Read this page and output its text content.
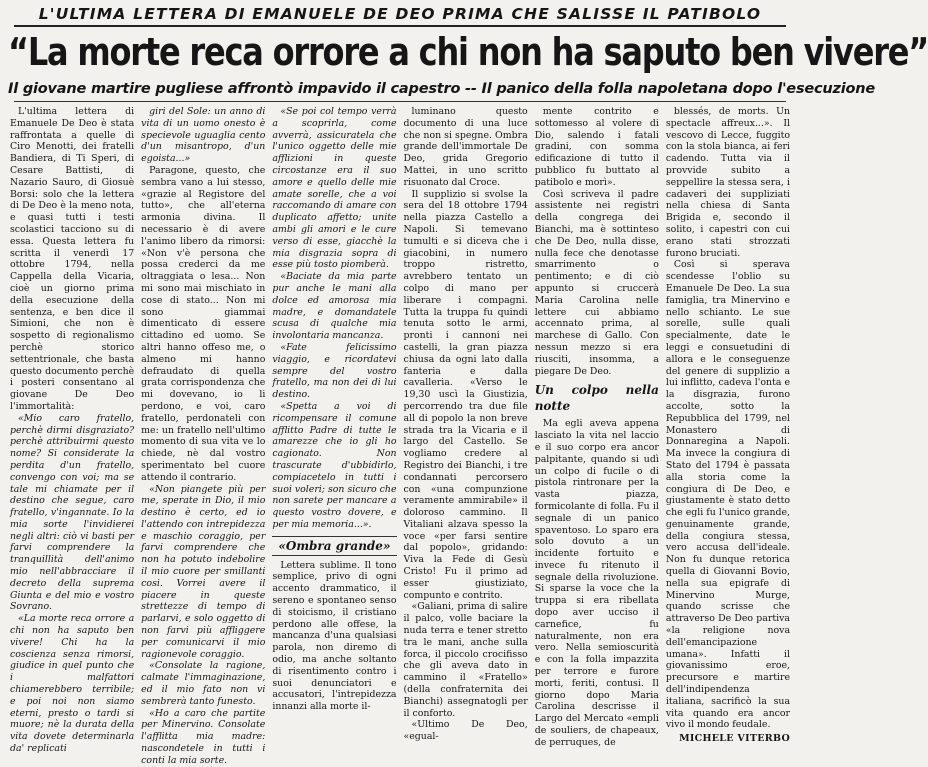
L'ULTIMA LETTERA DI EMANUELE DE DEO PRIMA CHE SALISSE IL PATIBOLO
“La morte reca orrore a chi non ha saputo ben vivere”
Il giovane martire pugliese affrontò impavido il capestro -- Il panico della folla napoletana dopo l'esecuzione

L'ultima lettera di Emanuele De Deo è stata raffrontata a quelle di Ciro Menotti, dei fratelli Bandiera, di Ti Speri, di Cesare Battisti, di Nazario Sauro, di Giosuè Borsi: solo che la lettera di De Deo è la meno nota, e quasi tutti i testi scolastici tacciono su di essa. Questa lettera fu scritta il venerdì 17 ottobre 1794, nella Cappella della Vicaria, cioè un giorno prima della esecuzione della sentenza, e ben dice il Simioni, che non è sospetto di regionalismo perchè storico settentrionale, che basta questo documento perchè i posteri consentano al giovane De Deo l'immortalità:

«Mio caro fratello, perchè dirmi disgraziato? perchè attribuirmi questo nome? Si considerate la perdita d'un fratello, convengo con voi; ma se tale mi chiamate per il destino che segue, caro fratello, v'ingannate. Io la mia sorte l'invidierei negli altri: ciò vi basti per farvi comprendere la tranquillità dell'animo mio nell'abbracciare il decreto della suprema Giunta e del mio e vostro Sovrano.

«La morte reca orrore a chi non ha saputo ben vivere! Chi ha la coscienza senza rimorsi, giudice in quel punto che i malfattori chiamerebbero terribile; e poi noi non siamo eterni, presto o tardi si muore; nè la durata della vita dovete determinarla da' replicati

giri del Sole: un anno di vita di un uomo onesto è specievole uguaglia cento d'un misantropo, d'un egoista...»

Paragone, questo, che sembra vano a lui stesso, «grazie al Registore del tutto», che all'eterna armonia divina. Il necessario è di avere l'animo libero da rimorsi: «Non v'è persona che possa crederci da me oltraggiata o lesa... Non mi sono mai mischiato in cose di stato... Non mi sono giammai dimenticato di essere cittadino ed uomo. Se altri hanno offeso me, o almeno mi hanno defraudato di quella grata corrispondenza che mi dovevano, io li perdono, e voi, caro fratello, perdonateli con me: un fratello nell'ultimo momento di sua vita ve lo chiede, nè dal vostro sperimentato bel cuore attendo il contrario.

«Non piangete più per me, sperate in Dio, il mio destino è certo, ed io l'attendo con intrepidezza e maschio coraggio, per farvi comprendere che non ha potuto indebolire il mio cuore per smillanti cosi. Vorrei avere il piacere in queste strettezze di tempo di parlarvi, e solo oggetto di non farvi più affliggere per comunicarvi il mio ragionevole coraggio.

«Consolate la ragione, calmate l'immaginazione, ed il mio fato non vi sembrerà tanto funesto.

«Ho a caro che partite per Minervino. Consolate l'afflitta mia madre: nascondetele in tutti i conti la mia sorte.

«Se poi col tempo verrà a scoprirla, come avverrà, assicuratela che l'unico oggetto delle mie afflizioni in queste circostanze era il suo amore e quello delle mie amate sorelle, che a voi raccomando di amare con duplicato affetto; unite ambi gli amori e le cure verso di esse, giacchè la mia disgrazia sopra di esse più tosto piomberà.

«Baciate da mia parte pur anche le mani alla dolce ed amorosa mia madre, e domandatele scusa di qualche mia involontaria mancanza.

«Fate felicissimo viaggio, e ricordatevi sempre del vostro fratello, ma non dei di lui destino.

«Spetta a voi di ricompensare il comune afflitto Padre di tutte le amarezze che io gli ho cagionato. Non trascurate d'ubbidirlo, compiacetelo in tutti i suoi voleri; son sicuro che non sarete per mancare a questo vostro dovere, e per mia memoria...».

«Ombra grande»

Lettera sublime. Il tono semplice, privo di ogni accento drammatico, il sereno e spontaneo senso di stoicismo, il cristiano perdono alle offese, la mancanza d'una qualsiasi parola, non diremo di odio, ma anche soltanto di risentimento contro i suoi denunciatori e accusatori, l'intrepidezza innanzi alla morte il-

luminano questo documento di una luce che non si spegne. Ombra grande dell'immortale De Deo, grida Gregorio Mattei, in uno scritto risuonato dal Croce.

Il supplizio si svolse la sera del 18 ottobre 1794 nella piazza Castello a Napoli. Si temevano tumulti e si diceva che i giacobini, in numero troppo ristretto, avrebbero tentato un colpo di mano per liberare i compagni. Tutta la truppa fu quindi tenuta sotto le armi, pronti i cannoni nei castelli, la gran piazza chiusa da ogni lato dalla fanteria e dalla cavalleria. «Verso le 19,30 uscì la Giustizia, percorrendo tra due file all di popolo la non breve strada tra la Vicaria e il largo del Castello. Se vogliamo credere al Registro dei Bianchi, i tre condannati percorsero con «una compunzione veramente ammirabile» il doloroso cammino. Il Vitaliani alzava spesso la voce «per farsi sentire dal popolo», gridando: Viva la Fede di Gesù Cristo! Fu il primo ad esser giustiziato, compunto e contrito.

«Galiani, prima di salire il palco, volle baciare la nuda terra e tener stretto tra le mani, anche sulla forca, il piccolo crocifisso che gli aveva dato in cammino il «Fratello» (della confraternita dei Bianchi) assegnatogli per il conforto.

«Ultimo De Deo, «egual-

mente contrito e sottomesso al volere di Dio, salendo i fatali gradini, con somma edificazione di tutto il pubblico fu buttato al patibolo e morì».

Così scriveva il padre assistente nei registri della congrega dei Bianchi, ma è sottinteso che De Deo, nulla disse, nulla fece che denotasse smarrimento o pentimento; e di ciò appunto si cruccerà Maria Carolina nelle lettere cui abbiamo accennato prima, al marchese di Gallo. Con nessun mezzo si era riusciti, insomma, a piegare De Deo.

Un colpo nella notte

Ma egli aveva appena lasciato la vita nel laccio e il suo corpo era ancor palpitante, quando si udì un colpo di fucile o di pistola rintronare per la vasta piazza, formicolante di folla. Fu il segnale di un panico spaventoso. Lo sparo era solo dovuto a un incidente fortuito e invece fu ritenuto il segnale della rivoluzione. Si sparse la voce che la truppa si era ribellata dopo aver ucciso il carnefice, fu naturalmente, non era vero. Nella semioscurità e con la folla impazzita per terrore e furore morti, feriti, contusi. Il giorno dopo Maria Carolina descrisse il Largo del Mercato «empli de souliers, de chapeaux, de perruques, de

blessés, de morts. Un spectacle affreux...». Il vescovo di Lecce, fuggito con la stola bianca, ai feri cadendo. Tutta via il provvide subito a seppellire la stessa sera, i cadaveri dei suppliziati nella chiesa di Santa Brigida e, secondo il solito, i capestri con cui erano stati strozzati furono bruciati.

Così si sperava scendesse l'oblio su Emanuele De Deo. La sua famiglia, tra Minervino e nello schianto. Le sue sorelle, sulle quali specialmente, date le leggi e consuetudini di allora e le conseguenze del genere di supplizio a lui inflitto, cadeva l'onta e la disgrazia, furono accolte, sotto la Repubblica del 1799, nel Monastero di Donnaregina a Napoli. Ma invece la congiura di Stato del 1794 è passata alla storia come la congiura di De Deo, e giustamente è stato detto che egli fu l'unico grande, genuinamente grande, della congiura stessa, vero accusa dell'ideale. Non fu dunque retorica quella di Giovanni Bovio, nella sua epigrafe di Minervino Murge, quando scrisse che attraverso De Deo partiva «la religione nova dell'emancipazione umana». Infatti il giovanissimo eroe, precursore e martire dell'indipendenza italiana, sacrificò la sua vita quando era ancor vivo il mondo feudale.

MICHELE VITERBO
